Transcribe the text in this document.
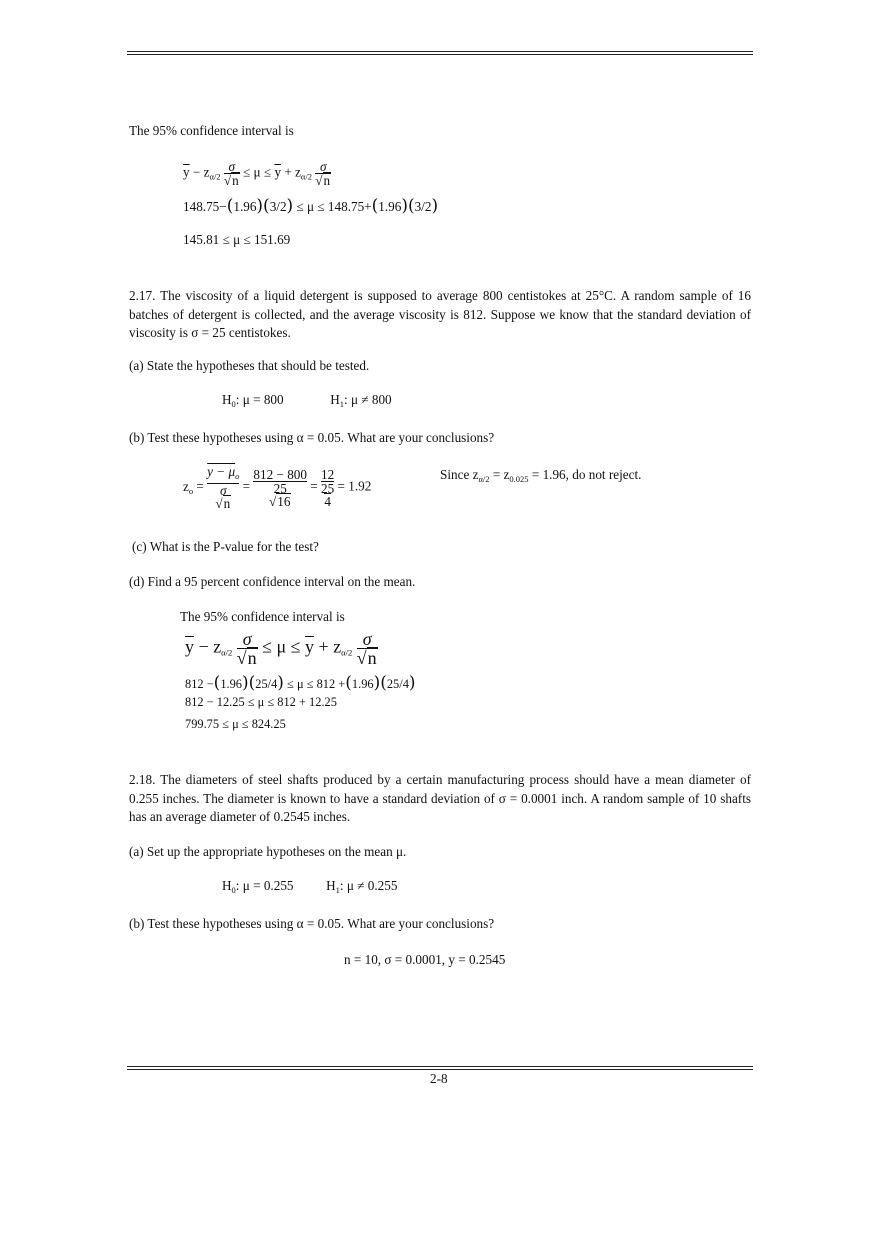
The 95% confidence interval is
$\overline{y} - z_{\alpha/2} \frac{\sigma}{√n} \le \mu \le \overline{y} + z_{\alpha/2} \frac{\sigma}{√n}$
148.75−(1.96)(3/2) ≤ μ ≤ 148.75+(1.96)(3/2)
145.81 ≤ μ ≤ 151.69
2.17. The viscosity of a liquid detergent is supposed to average 800 centistokes at 25°C. A random sample of 16 batches of detergent is collected, and the average viscosity is 812. Suppose we know that the standard deviation of viscosity is σ = 25 centistokes.
(a) State the hypotheses that should be tested.
$H_0$: μ = 800	$H_1$: μ ≠ 800
(b) Test these hypotheses using α = 0.05. What are your conclusions?
$z_o$ =
$y - \mu_o$
σ
√n
=
812 − 800
25
√16
=
12
25
4
= 1.92
Since $z_{\alpha/2} = z_{0.025} = 1.96$, do not reject.
(c) What is the P-value for the test?
(d) Find a 95 percent confidence interval on the mean.
The 95% confidence interval is
$\overline{y} - z_{\alpha/2} \frac{\sigma}{√n} \le \mu \le \overline{y} + z_{\alpha/2} \frac{\sigma}{√n}$
812 −(1.96)(25/4) ≤ μ ≤ 812 +(1.96)(25/4)
812 − 12.25 ≤ μ ≤ 812 + 12.25
799.75 ≤ μ ≤ 824.25
2.18. The diameters of steel shafts produced by a certain manufacturing process should have a mean diameter of 0.255 inches. The diameter is known to have a standard deviation of σ = 0.0001 inch. A random sample of 10 shafts has an average diameter of 0.2545 inches.
(a) Set up the appropriate hypotheses on the mean μ.
$H_0$: μ = 0.255 $H_1$: μ ≠ 0.255
(b) Test these hypotheses using α = 0.05. What are your conclusions?
n = 10, σ = 0.0001, y = 0.2545
2-8
